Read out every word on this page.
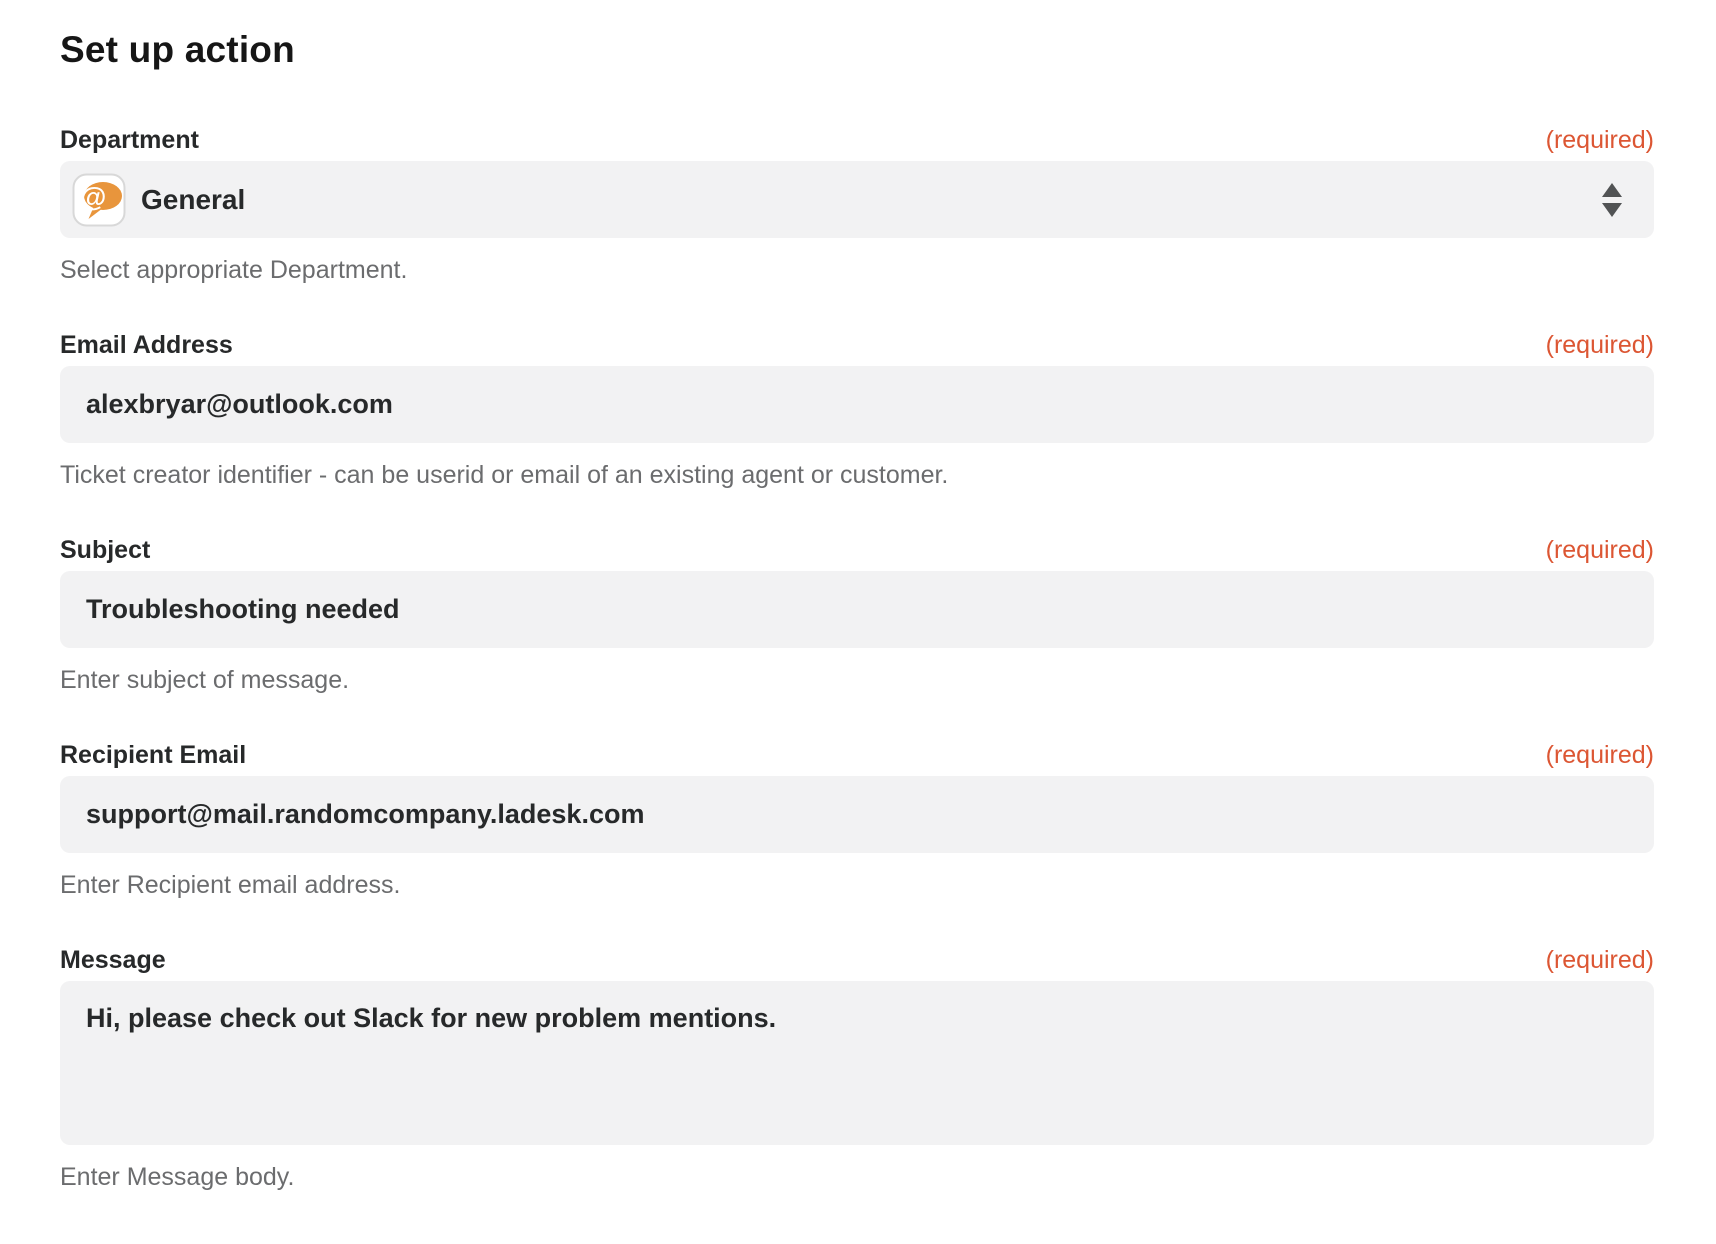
Set up action
Department	(required)
@ General

Select appropriate Department.

Email Address	(required)
alexbryar@outlook.com

Ticket creator identifier - can be userid or email of an existing agent or customer.

Subject	(required)
Troubleshooting needed

Enter subject of message.

Recipient Email	(required)
support@mail.randomcompany.ladesk.com

Enter Recipient email address.

Message	(required)
Hi, please check out Slack for new problem mentions.

Enter Message body.
